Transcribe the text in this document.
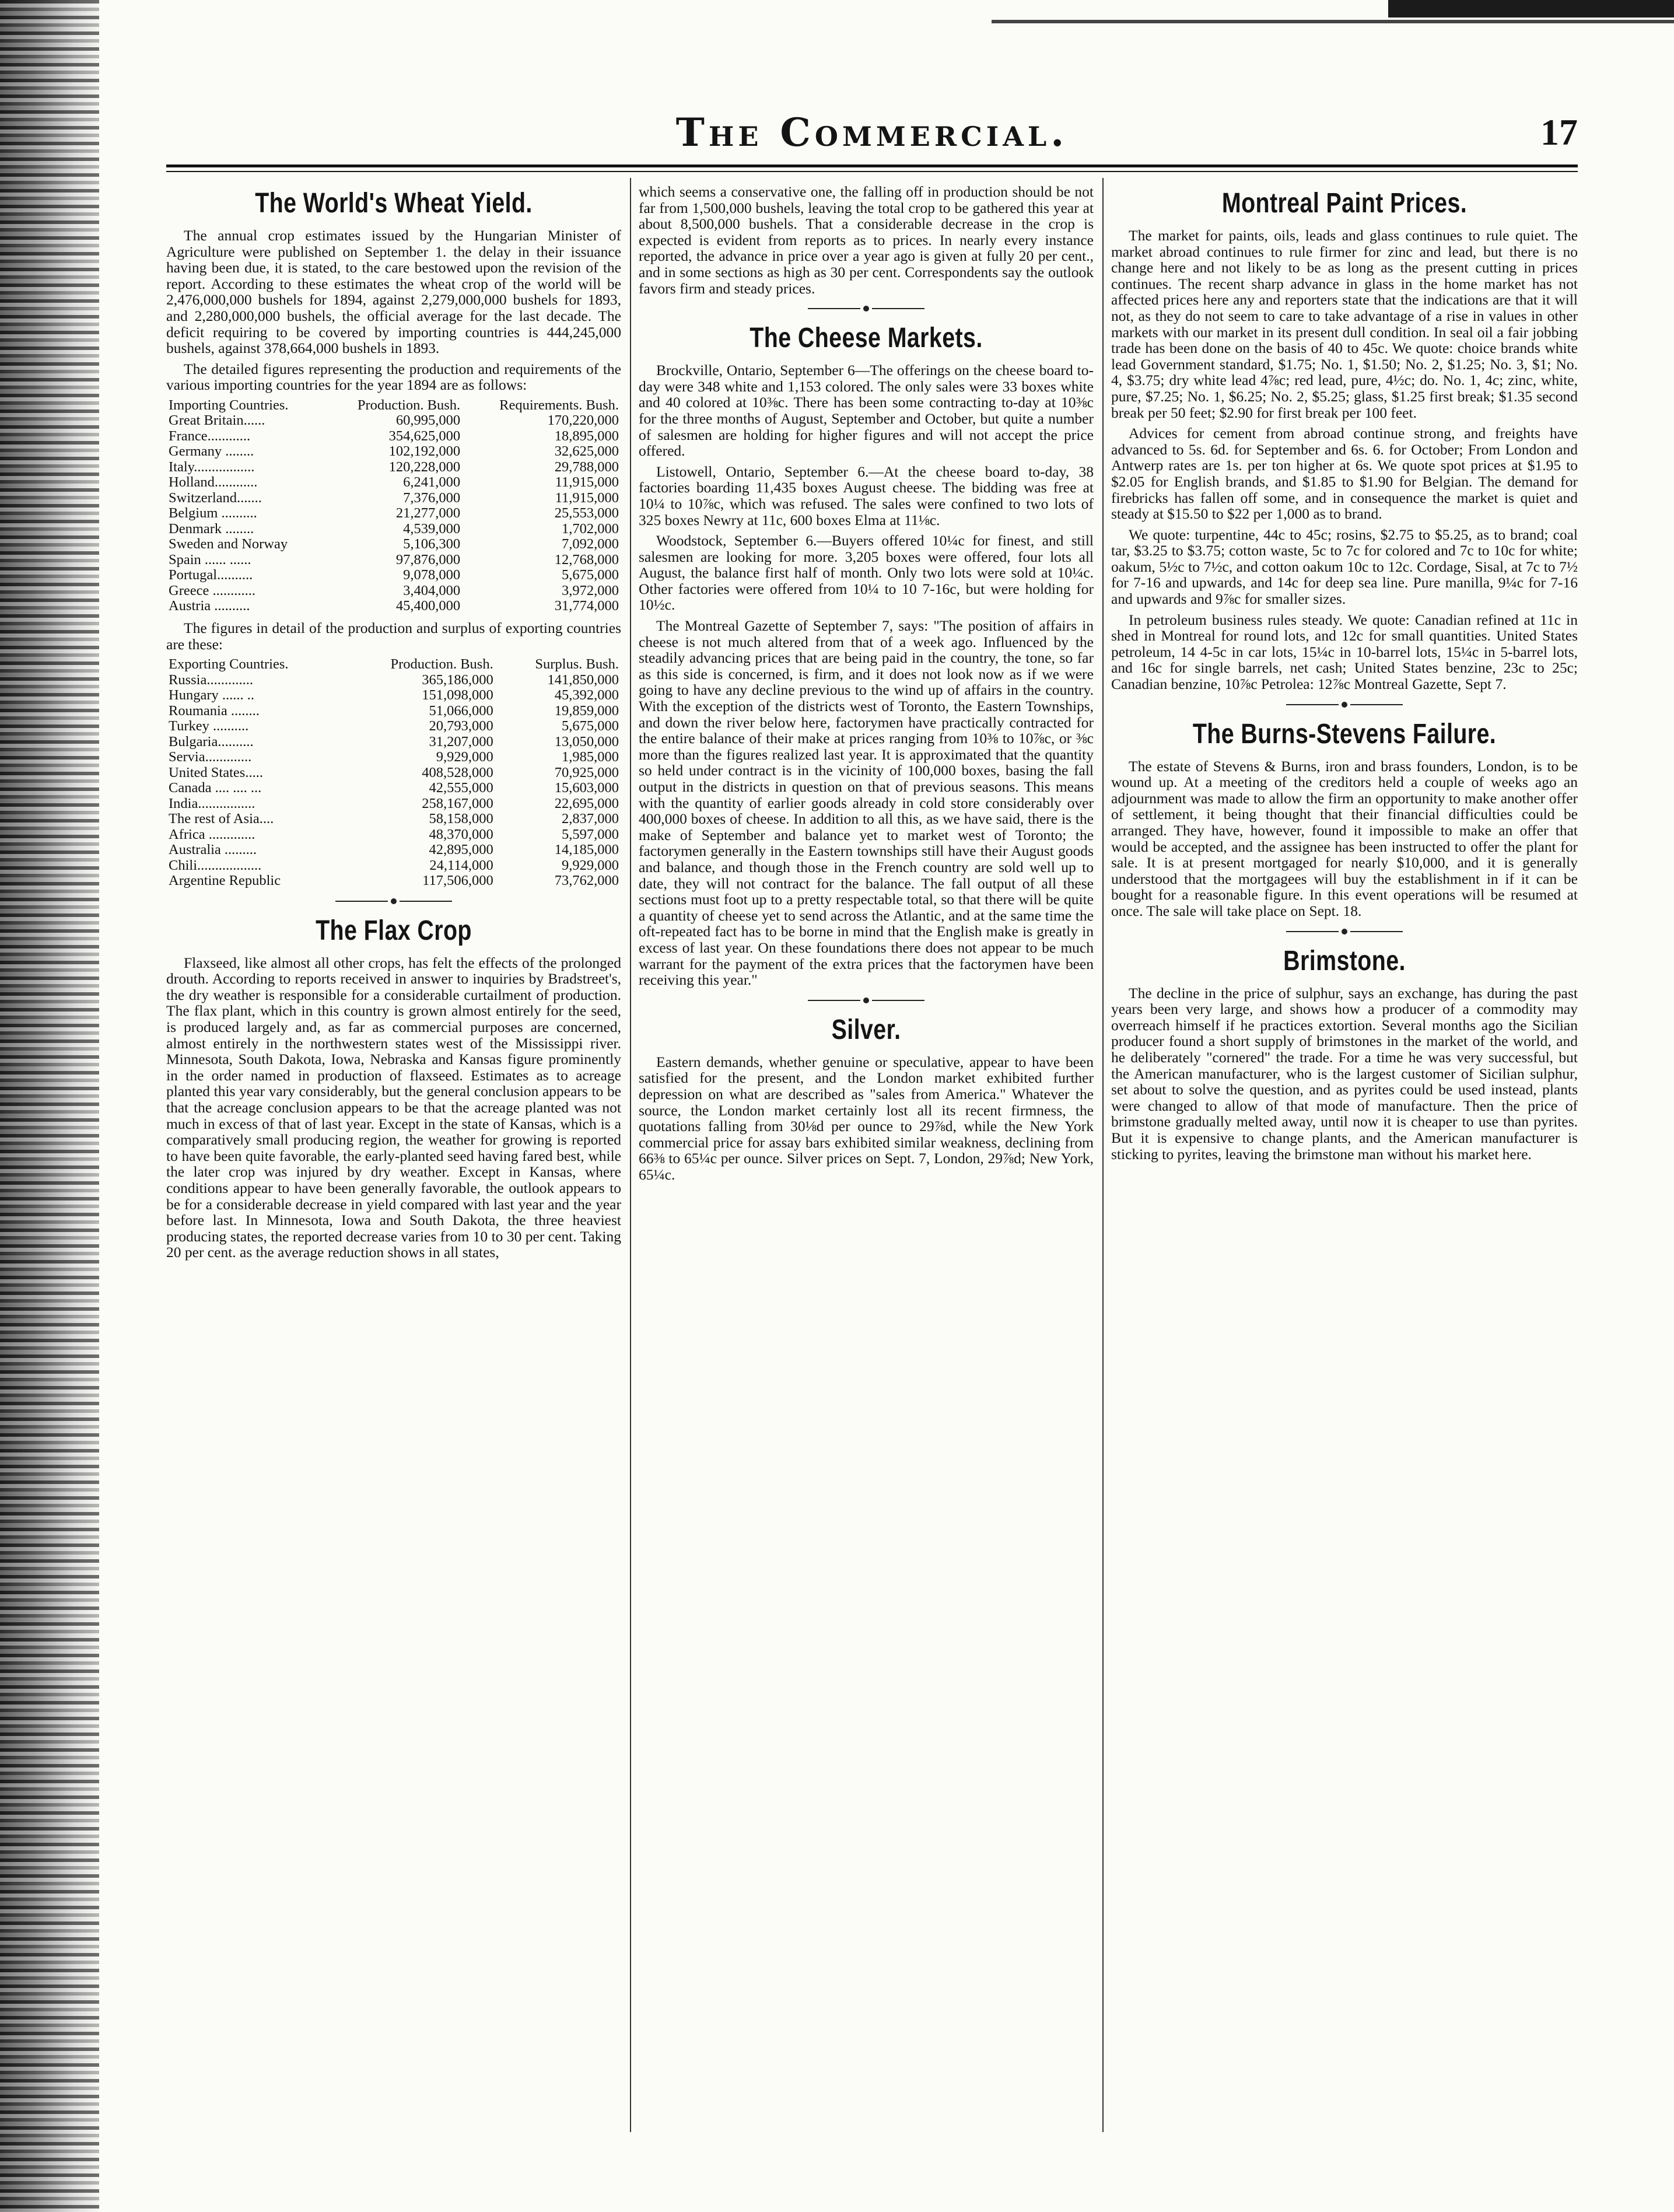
The Commercial.	17
The World's Wheat Yield.

The annual crop estimates issued by the Hungarian Minister of Agriculture were published on September 1. the delay in their issuance having been due, it is stated, to the care bestowed upon the revision of the report. According to these estimates the wheat crop of the world will be 2,476,000,000 bushels for 1894, against 2,279,000,000 bushels for 1893, and 2,280,000,000 bushels, the official average for the last decade. The deficit requiring to be covered by importing countries is 444,245,000 bushels, against 378,664,000 bushels in 1893.

The detailed figures representing the production and requirements of the various importing countries for the year 1894 are as follows:

Importing Countries.	Production. Bush.	Requirements. Bush.
Great Britain......	60,995,000	170,220,000
France............	354,625,000	18,895,000
Germany ........	102,192,000	32,625,000
Italy.................	120,228,000	29,788,000
Holland............	6,241,000	11,915,000
Switzerland.......	7,376,000	11,915,000
Belgium ..........	21,277,000	25,553,000
Denmark ........	4,539,000	1,702,000
Sweden and Norway	5,106,300	7,092,000
Spain ...... ......	97,876,000	12,768,000
Portugal..........	9,078,000	5,675,000
Greece ............	3,404,000	3,972,000
Austria ..........	45,400,000	31,774,000

The figures in detail of the production and surplus of exporting countries are these:

Exporting Countries.	Production. Bush.	Surplus. Bush.
Russia.............	365,186,000	141,850,000
Hungary ...... ..	151,098,000	45,392,000
Roumania ........	51,066,000	19,859,000
Turkey ..........	20,793,000	5,675,000
Bulgaria..........	31,207,000	13,050,000
Servia.............	9,929,000	1,985,000
United States.....	408,528,000	70,925,000
Canada .... .... ...	42,555,000	15,603,000
India................	258,167,000	22,695,000
The rest of Asia....	58,158,000	2,837,000
Africa .............	48,370,000	5,597,000
Australia .........	42,895,000	14,185,000
Chili..................	24,114,000	9,929,000
Argentine Republic	117,506,000	73,762,000
The Flax Crop

Flaxseed, like almost all other crops, has felt the effects of the prolonged drouth. According to reports received in answer to inquiries by Bradstreet's, the dry weather is responsible for a considerable curtailment of production. The flax plant, which in this country is grown almost entirely for the seed, is produced largely and, as far as commercial purposes are concerned, almost entirely in the northwestern states west of the Mississippi river. Minnesota, South Dakota, Iowa, Nebraska and Kansas figure prominently in the order named in production of flaxseed. Estimates as to acreage planted this year vary considerably, but the general conclusion appears to be that the acreage conclusion appears to be that the acreage planted was not much in excess of that of last year. Except in the state of Kansas, which is a comparatively small producing region, the weather for growing is reported to have been quite favorable, the early-planted seed having fared best, while the later crop was injured by dry weather. Except in Kansas, where conditions appear to have been generally favorable, the outlook appears to be for a considerable decrease in yield compared with last year and the year before last. In Minnesota, Iowa and South Dakota, the three heaviest producing states, the reported decrease varies from 10 to 30 per cent. Taking 20 per cent. as the average reduction shows in all states,

which seems a conservative one, the falling off in production should be not far from 1,500,000 bushels, leaving the total crop to be gathered this year at about 8,500,000 bushels. That a considerable decrease in the crop is expected is evident from reports as to prices. In nearly every instance reported, the advance in price over a year ago is given at fully 20 per cent., and in some sections as high as 30 per cent. Correspondents say the outlook favors firm and steady prices.

The Cheese Markets.

Brockville, Ontario, September 6—The offerings on the cheese board to-day were 348 white and 1,153 colored. The only sales were 33 boxes white and 40 colored at 10⅜c. There has been some contracting to-day at 10⅜c for the three months of August, September and October, but quite a number of salesmen are holding for higher figures and will not accept the price offered.

Listowell, Ontario, September 6.—At the cheese board to-day, 38 factories boarding 11,435 boxes August cheese. The bidding was free at 10¼ to 10⅞c, which was refused. The sales were confined to two lots of 325 boxes Newry at 11c, 600 boxes Elma at 11⅛c.

Woodstock, September 6.—Buyers offered 10¼c for finest, and still salesmen are looking for more. 3,205 boxes were offered, four lots all August, the balance first half of month. Only two lots were sold at 10¼c. Other factories were offered from 10¼ to 10 7-16c, but were holding for 10½c.

The Montreal Gazette of September 7, says: "The position of affairs in cheese is not much altered from that of a week ago. Influenced by the steadily advancing prices that are being paid in the country, the tone, so far as this side is concerned, is firm, and it does not look now as if we were going to have any decline previous to the wind up of affairs in the country. With the exception of the districts west of Toronto, the Eastern Townships, and down the river below here, factorymen have practically contracted for the entire balance of their make at prices ranging from 10⅜ to 10⅞c, or ⅜c more than the figures realized last year. It is approximated that the quantity so held under contract is in the vicinity of 100,000 boxes, basing the fall output in the districts in question on that of previous seasons. This means with the quantity of earlier goods already in cold store considerably over 400,000 boxes of cheese. In addition to all this, as we have said, there is the make of September and balance yet to market west of Toronto; the factorymen generally in the Eastern townships still have their August goods and balance, and though those in the French country are sold well up to date, they will not contract for the balance. The fall output of all these sections must foot up to a pretty respectable total, so that there will be quite a quantity of cheese yet to send across the Atlantic, and at the same time the oft-repeated fact has to be borne in mind that the English make is greatly in excess of last year. On these foundations there does not appear to be much warrant for the payment of the extra prices that the factorymen have been receiving this year."

Silver.

Eastern demands, whether genuine or speculative, appear to have been satisfied for the present, and the London market exhibited further depression on what are described as "sales from America." Whatever the source, the London market certainly lost all its recent firmness, the quotations falling from 30⅛d per ounce to 29⅞d, while the New York commercial price for assay bars exhibited similar weakness, declining from 66⅜ to 65¼c per ounce. Silver prices on Sept. 7, London, 29⅞d; New York, 65¼c.

Montreal Paint Prices.

The market for paints, oils, leads and glass continues to rule quiet. The market abroad continues to rule firmer for zinc and lead, but there is no change here and not likely to be as long as the present cutting in prices continues. The recent sharp advance in glass in the home market has not affected prices here any and reporters state that the indications are that it will not, as they do not seem to care to take advantage of a rise in values in other markets with our market in its present dull condition. In seal oil a fair jobbing trade has been done on the basis of 40 to 45c. We quote: choice brands white lead Government standard, $1.75; No. 1, $1.50; No. 2, $1.25; No. 3, $1; No. 4, $3.75; dry white lead 4⅞c; red lead, pure, 4½c; do. No. 1, 4c; zinc, white, pure, $7.25; No. 1, $6.25; No. 2, $5.25; glass, $1.25 first break; $1.35 second break per 50 feet; $2.90 for first break per 100 feet.

Advices for cement from abroad continue strong, and freights have advanced to 5s. 6d. for September and 6s. 6. for October; From London and Antwerp rates are 1s. per ton higher at 6s. We quote spot prices at $1.95 to $2.05 for English brands, and $1.85 to $1.90 for Belgian. The demand for firebricks has fallen off some, and in consequence the market is quiet and steady at $15.50 to $22 per 1,000 as to brand.

We quote: turpentine, 44c to 45c; rosins, $2.75 to $5.25, as to brand; coal tar, $3.25 to $3.75; cotton waste, 5c to 7c for colored and 7c to 10c for white; oakum, 5½c to 7½c, and cotton oakum 10c to 12c. Cordage, Sisal, at 7c to 7½ for 7-16 and upwards, and 14c for deep sea line. Pure manilla, 9¼c for 7-16 and upwards and 9⅞c for smaller sizes.

In petroleum business rules steady. We quote: Canadian refined at 11c in shed in Montreal for round lots, and 12c for small quantities. United States petroleum, 14 4-5c in car lots, 15¼c in 10-barrel lots, 15¼c in 5-barrel lots, and 16c for single barrels, net cash; United States benzine, 23c to 25c; Canadian benzine, 10⅞c Petrolea: 12⅞c Montreal Gazette, Sept 7.

The Burns-Stevens Failure.

The estate of Stevens & Burns, iron and brass founders, London, is to be wound up. At a meeting of the creditors held a couple of weeks ago an adjournment was made to allow the firm an opportunity to make another offer of settlement, it being thought that their financial difficulties could be arranged. They have, however, found it impossible to make an offer that would be accepted, and the assignee has been instructed to offer the plant for sale. It is at present mortgaged for nearly $10,000, and it is generally understood that the mortgagees will buy the establishment in if it can be bought for a reasonable figure. In this event operations will be resumed at once. The sale will take place on Sept. 18.

Brimstone.

The decline in the price of sulphur, says an exchange, has during the past years been very large, and shows how a producer of a commodity may overreach himself if he practices extortion. Several months ago the Sicilian producer found a short supply of brimstones in the market of the world, and he deliberately "cornered" the trade. For a time he was very successful, but the American manufacturer, who is the largest customer of Sicilian sulphur, set about to solve the question, and as pyrites could be used instead, plants were changed to allow of that mode of manufacture. Then the price of brimstone gradually melted away, until now it is cheaper to use than pyrites. But it is expensive to change plants, and the American manufacturer is sticking to pyrites, leaving the brimstone man without his market here.
